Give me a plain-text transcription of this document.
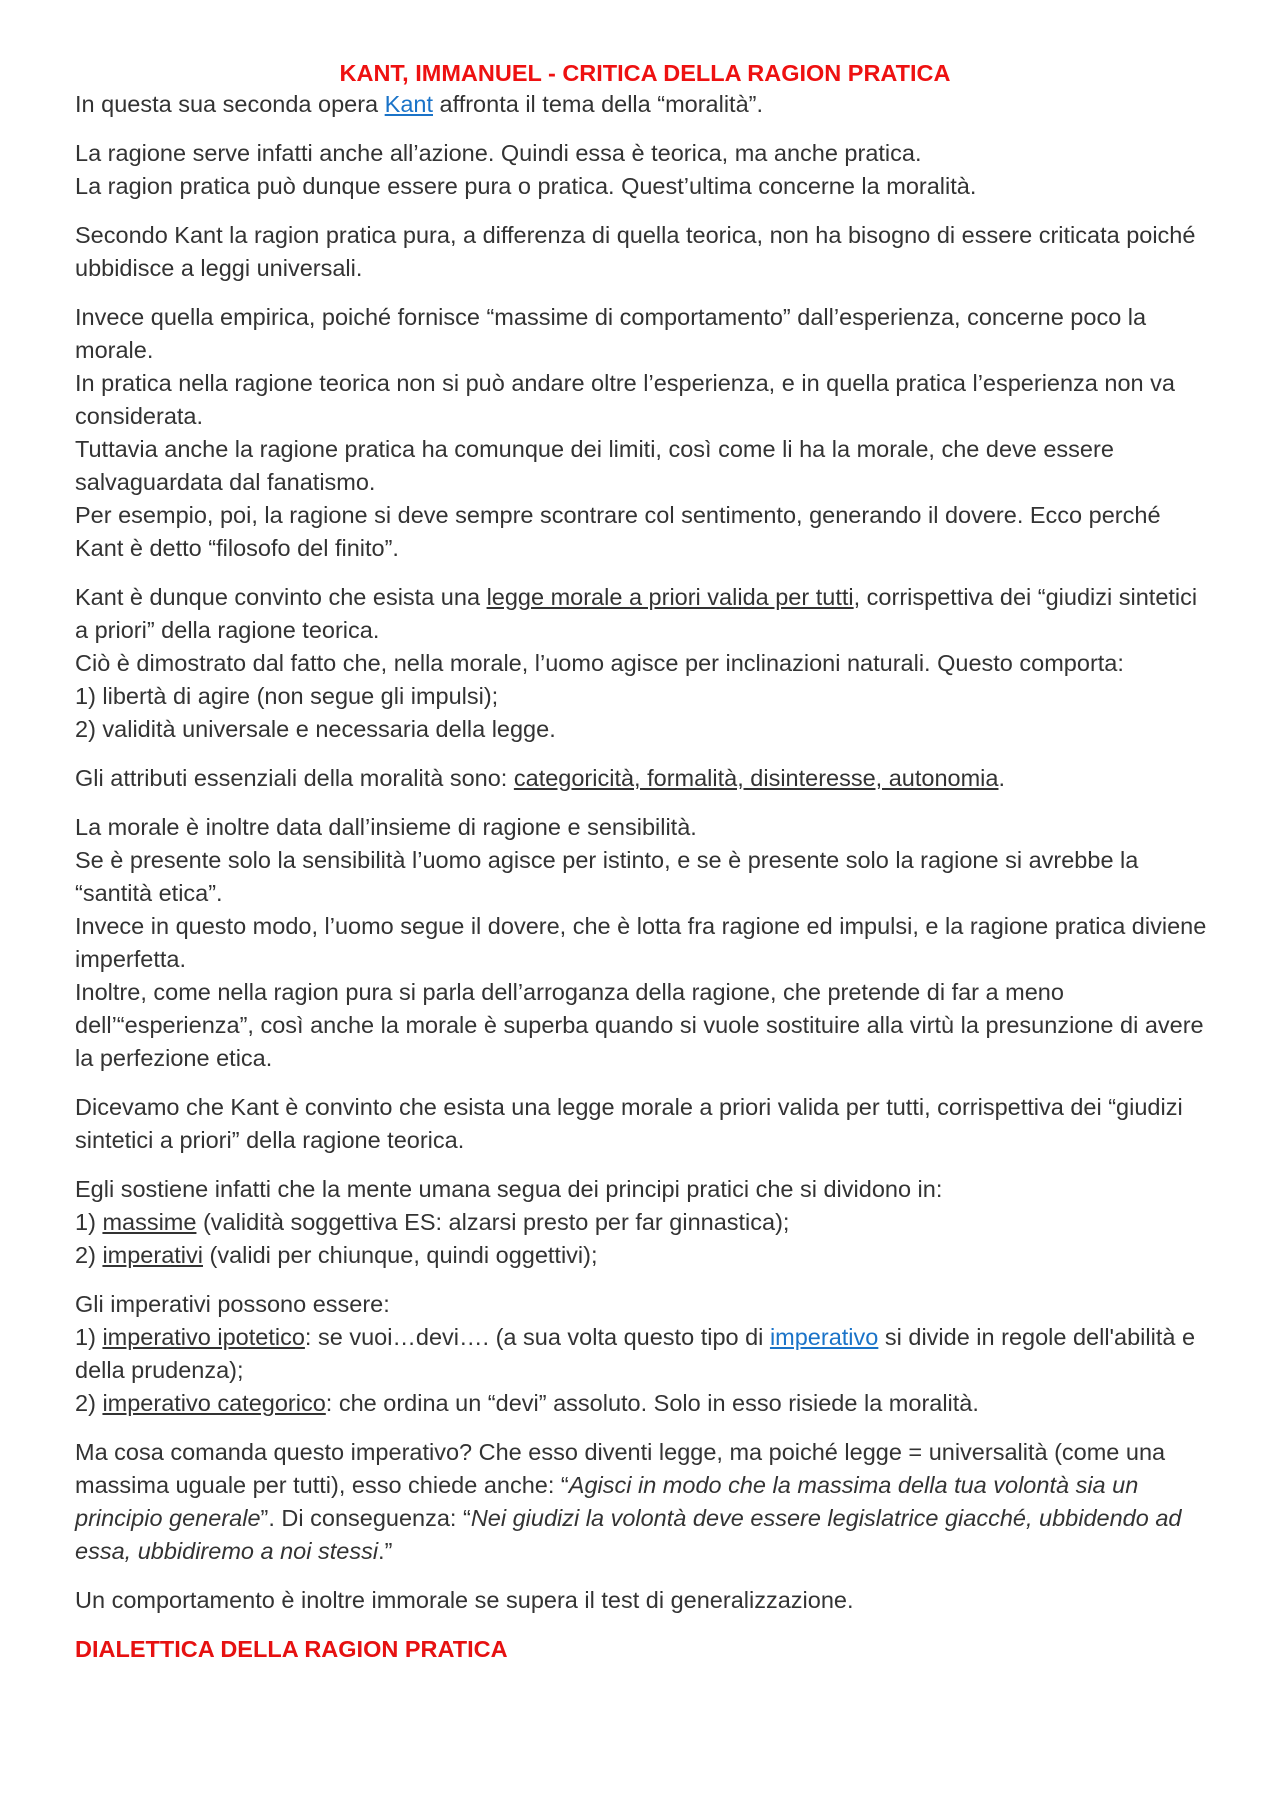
KANT, IMMANUEL - CRITICA DELLA RAGION PRATICA

In questa sua seconda opera Kant affronta il tema della “moralità”.

La ragione serve infatti anche all’azione. Quindi essa è teorica, ma anche pratica.
La ragion pratica può dunque essere pura o pratica. Quest’ultima concerne la moralità.

Secondo Kant la ragion pratica pura, a differenza di quella teorica, non ha bisogno di essere criticata poiché ubbidisce a leggi universali.

Invece quella empirica, poiché fornisce “massime di comportamento” dall’esperienza, concerne poco la morale.
In pratica nella ragione teorica non si può andare oltre l’esperienza, e in quella pratica l’esperienza non va considerata.
Tuttavia anche la ragione pratica ha comunque dei limiti, così come li ha la morale, che deve essere salvaguardata dal fanatismo.
Per esempio, poi, la ragione si deve sempre scontrare col sentimento, generando il dovere. Ecco perché Kant è detto “filosofo del finito”.

Kant è dunque convinto che esista una legge morale a priori valida per tutti, corrispettiva dei “giudizi sintetici a priori” della ragione teorica.
Ciò è dimostrato dal fatto che, nella morale, l’uomo agisce per inclinazioni naturali. Questo comporta:
1) libertà di agire (non segue gli impulsi);
2) validità universale e necessaria della legge.

Gli attributi essenziali della moralità sono: categoricità, formalità, disinteresse, autonomia.

La morale è inoltre data dall’insieme di ragione e sensibilità.
Se è presente solo la sensibilità l’uomo agisce per istinto, e se è presente solo la ragione si avrebbe la “santità etica”.
Invece in questo modo, l’uomo segue il dovere, che è lotta fra ragione ed impulsi, e la ragione pratica diviene imperfetta.
Inoltre, come nella ragion pura si parla dell’arroganza della ragione, che pretende di far a meno dell’“esperienza”, così anche la morale è superba quando si vuole sostituire alla virtù la presunzione di avere la perfezione etica.

Dicevamo che Kant è convinto che esista una legge morale a priori valida per tutti, corrispettiva dei “giudizi sintetici a priori” della ragione teorica.

Egli sostiene infatti che la mente umana segua dei principi pratici che si dividono in:
1) massime (validità soggettiva ES: alzarsi presto per far ginnastica);
2) imperativi (validi per chiunque, quindi oggettivi);

Gli imperativi possono essere:
1) imperativo ipotetico: se vuoi…devi…. (a sua volta questo tipo di imperativo si divide in regole dell'abilità e della prudenza);
2) imperativo categorico: che ordina un “devi” assoluto. Solo in esso risiede la moralità.

Ma cosa comanda questo imperativo? Che esso diventi legge, ma poiché legge = universalità (come una massima uguale per tutti), esso chiede anche: “Agisci in modo che la massima della tua volontà sia un principio generale”. Di conseguenza: “Nei giudizi la volontà deve essere legislatrice giacché, ubbidendo ad essa, ubbidiremo a noi stessi.”

Un comportamento è inoltre immorale se supera il test di generalizzazione.

DIALETTICA DELLA RAGION PRATICA
